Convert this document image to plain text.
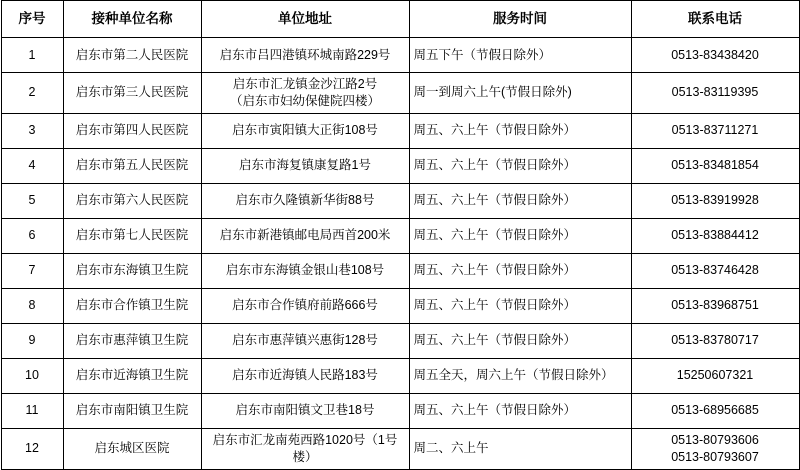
序号	接种单位名称	单位地址	服务时间	联系电话
1	启东市第二人民医院	启东市吕四港镇环城南路229号	周五下午（节假日除外）	0513-83438420

2	启东市第三人民医院	启东市汇龙镇金沙江路2号
（启东市妇幼保健院四楼）	周一到周六上午(节假日除外)	0513-83119395

3	启东市第四人民医院	启东市寅阳镇大正街108号	周五、六上午（节假日除外）	0513-83711271

4	启东市第五人民医院	启东市海复镇康复路1号	周五、六上午（节假日除外）	0513-83481854

5	启东市第六人民医院	启东市久隆镇新华街88号	周五、六上午（节假日除外）	0513-83919928

6	启东市第七人民医院	启东市新港镇邮电局西首200米	周五、六上午（节假日除外）	0513-83884412

7	启东市东海镇卫生院	启东市东海镇金银山巷108号	周五、六上午（节假日除外）	0513-83746428

8	启东市合作镇卫生院	启东市合作镇府前路666号	周五、六上午（节假日除外）	0513-83968751

9	启东市惠萍镇卫生院	启东市惠萍镇兴惠街128号	周五、六上午（节假日除外）	0513-83780717

10	启东市近海镇卫生院	启东市近海镇人民路183号	周五全天，周六上午（节假日除外）	15250607321

11	启东市南阳镇卫生院	启东市南阳镇文卫巷18号	周五、六上午（节假日除外）	0513-68956685

12	启东城区医院	启东市汇龙南苑西路1020号（1号楼）	周二、六上午	0513-80793606
0513-80793607
